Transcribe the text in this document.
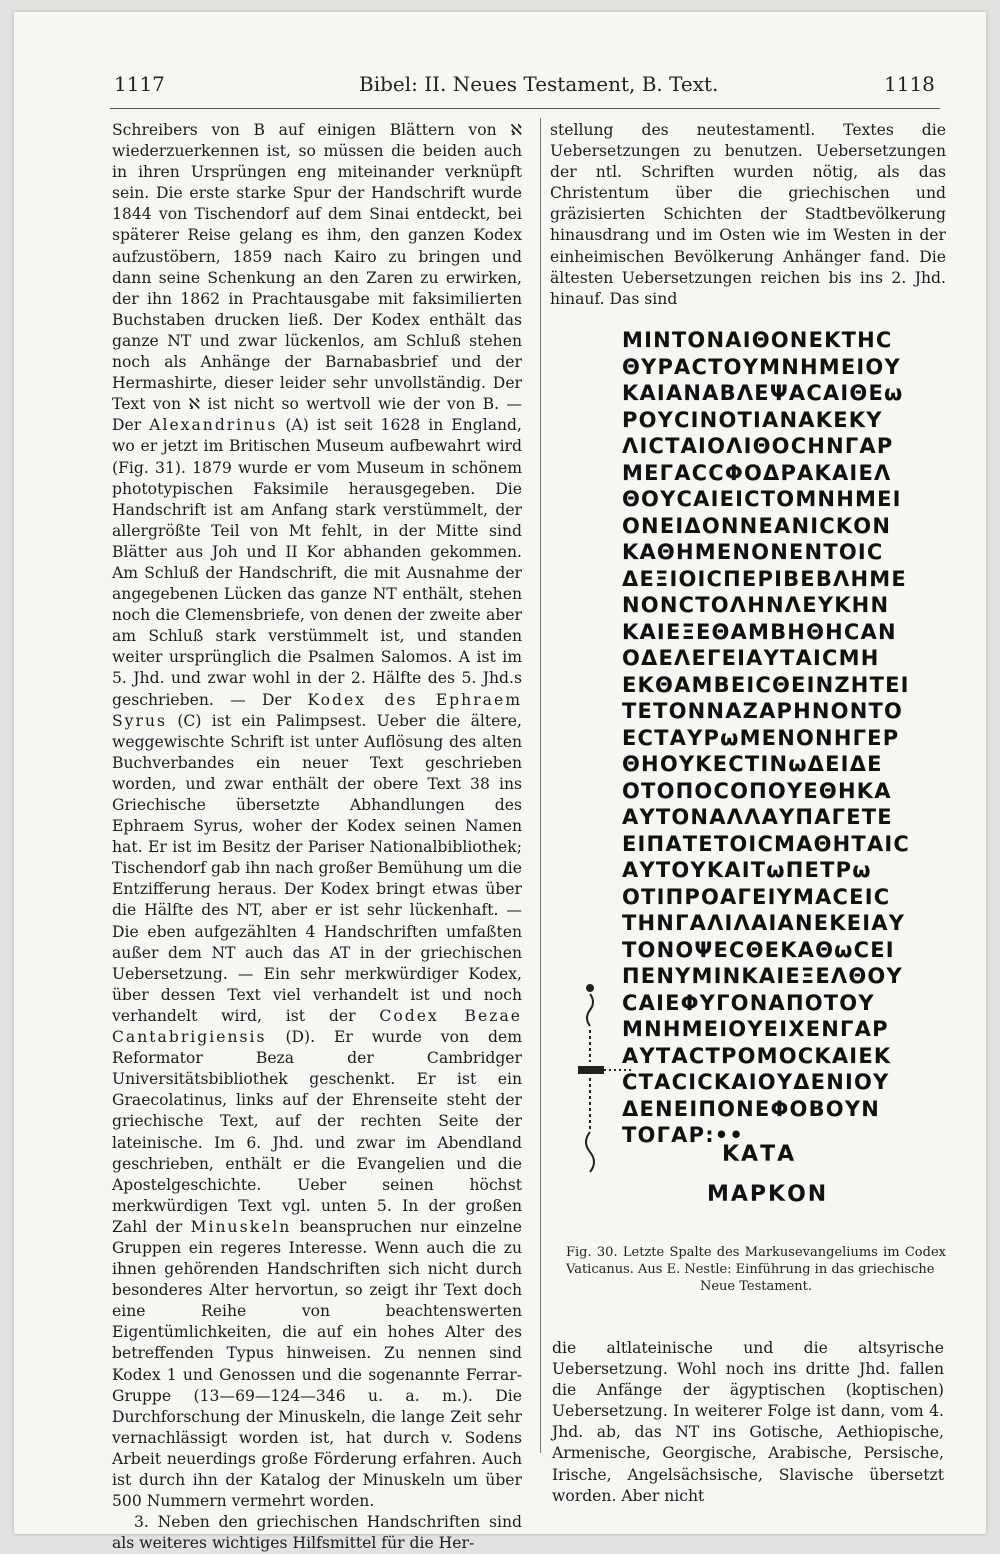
1117	Bibel: II. Neues Testament, B. Text.	1118

Schreibers von B auf einigen Blättern von ℵ wiederzuerkennen ist, so müssen die beiden auch in ihren Ursprüngen eng miteinander verknüpft sein. Die erste starke Spur der Handschrift wurde 1844 von Tischendorf auf dem Sinai entdeckt, bei späterer Reise gelang es ihm, den ganzen Kodex aufzustöbern, 1859 nach Kairo zu bringen und dann seine Schenkung an den Zaren zu erwirken, der ihn 1862 in Prachtausgabe mit faksimilierten Buchstaben drucken ließ. Der Kodex enthält das ganze NT und zwar lückenlos, am Schluß stehen noch als Anhänge der Barnabasbrief und der Hermashirte, dieser leider sehr unvollständig. Der Text von ℵ ist nicht so wertvoll wie der von B. — Der

Alexandrinus (A) ist seit 1628 in England, wo er jetzt im Britischen Museum aufbewahrt wird (Fig. 31). 1879 wurde er vom Museum in schönem phototypischen Faksimile herausgegeben. Die Handschrift ist am Anfang stark verstümmelt, der allergrößte Teil von Mt fehlt, in der Mitte sind Blätter aus Joh und II Kor abhanden gekommen. Am Schluß der Handschrift, die mit Ausnahme der angegebenen Lücken das ganze NT enthält, stehen noch die Clemensbriefe, von denen der zweite aber am Schluß stark verstümmelt ist, und standen weiter ursprünglich die Psalmen Salomos. A ist im 5. Jhd. und zwar wohl in der 2. Hälfte des 5. Jhd.s geschrieben. — Der

Kodex des Ephraem Syrus (C) ist ein Palimpsest. Ueber die ältere, weggewischte Schrift ist unter Auflösung des alten Buchverbandes ein neuer Text geschrieben worden, und zwar enthält der obere Text 38 ins Griechische übersetzte Abhandlungen des Ephraem Syrus, woher der Kodex seinen Namen hat. Er ist im Besitz der Pariser Nationalbibliothek; Tischendorf gab ihn nach großer Bemühung um die Entzifferung heraus. Der Kodex bringt etwas über die Hälfte des NT, aber er ist sehr lückenhaft. — Die eben aufgezählten 4 Handschriften umfaßten außer dem NT auch das AT in der griechischen Uebersetzung. — Ein sehr merkwürdiger Kodex, über dessen Text viel verhandelt ist und noch verhandelt wird, ist der

Codex Bezae Cantabrigiensis (D). Er wurde von dem Reformator Beza der Cambridger Universitätsbibliothek geschenkt. Er ist ein Graecolatinus, links auf der Ehrenseite steht der griechische Text, auf der rechten Seite der lateinische. Im 6. Jhd. und zwar im Abendland geschrieben, enthält er die Evangelien und die Apostelgeschichte. Ueber seinen höchst merkwürdigen Text vgl. unten 5. In der großen Zahl der

Minuskeln beanspruchen nur einzelne Gruppen ein regeres Interesse. Wenn auch die zu ihnen gehörenden Handschriften sich nicht durch besonderes Alter hervortun, so zeigt ihr Text doch eine Reihe von beachtenswerten Eigentümlichkeiten, die auf ein hohes Alter des betreffenden Typus hinweisen. Zu nennen sind Kodex 1 und Genossen und die sogenannte Ferrar-Gruppe (13—69—124—346 u. a. m.). Die Durchforschung der Minuskeln, die lange Zeit sehr vernachlässigt worden ist, hat durch v. Sodens Arbeit neuerdings große Förderung erfahren. Auch ist durch ihn der Katalog der Minuskeln um über 500 Nummern vermehrt worden.

3. Neben den griechischen Handschriften sind als weiteres wichtiges Hilfsmittel für die Her-

stellung des neutestamentl. Textes die Uebersetzungen zu benutzen. Uebersetzungen der ntl. Schriften wurden nötig, als das Christentum über die griechischen und gräzisierten Schichten der Stadtbevölkerung hinausdrang und im Osten wie im Westen in der einheimischen Bevölkerung Anhänger fand. Die ältesten Uebersetzungen reichen bis ins 2. Jhd. hinauf. Das sind

ΜΙΝΤΟΝΑΙΘΟΝΕΚΤΗϹ
ΘΥΡΑϹΤΟΥΜΝΗΜΕΙΟΥ
ΚΑΙΑΝΑΒΛΕΨΑϹΑΙΘΕω
ΡΟΥϹΙΝΟΤΙΑΝΑΚΕΚΥ
ΛΙϹΤΑΙΟΛΙΘΟϹΗΝΓΑΡ
ΜΕΓΑϹϹΦΟΔΡΑΚΑΙΕΛ
ΘΟΥϹΑΙΕΙϹΤΟΜΝΗΜΕΙ
ΟΝΕΙΔΟΝΝΕΑΝΙϹΚΟΝ
ΚΑΘΗΜΕΝΟΝΕΝΤΟΙϹ
ΔΕΞΙΟΙϹΠΕΡΙΒΕΒΛΗΜΕ
ΝΟΝϹΤΟΛΗΝΛΕΥΚΗΝ
ΚΑΙΕΞΕΘΑΜΒΗΘΗϹΑΝ
ΟΔΕΛΕΓΕΙΑΥΤΑΙϹΜΗ
ΕΚΘΑΜΒΕΙϹΘΕΙΝΖΗΤΕΙ
ΤΕΤΟΝΝΑΖΑΡΗΝΟΝΤΟ
ΕϹΤΑΥΡωΜΕΝΟΝΗΓΕΡ
ΘΗΟΥΚΕϹΤΙΝωΔΕΙΔΕ
ΟΤΟΠΟϹΟΠΟΥΕΘΗΚΑ
ΑΥΤΟΝΑΛΛΑΥΠΑΓΕΤΕ
ΕΙΠΑΤΕΤΟΙϹΜΑΘΗΤΑΙϹ
ΑΥΤΟΥΚΑΙΤωΠΕΤΡω
ΟΤΙΠΡΟΑΓΕΙΥΜΑϹΕΙϹ
ΤΗΝΓΑΛΙΛΑΙΑΝΕΚΕΙΑΥ
ΤΟΝΟΨΕϹΘΕΚΑΘωϹΕΙ
ΠΕΝΥΜΙΝΚΑΙΕΞΕΛΘΟΥ
ϹΑΙΕΦΥΓΟΝΑΠΟΤΟΥ
ΜΝΗΜΕΙΟΥΕΙΧΕΝΓΑΡ
ΑΥΤΑϹΤΡΟΜΟϹΚΑΙΕΚ
ϹΤΑϹΙϹΚΑΙΟΥΔΕΝΙΟΥ
ΔΕΝΕΙΠΟΝΕΦΟΒΟΥΝ
ΤΟΓΑΡ:••
ΚΑΤΑ
ΜΑΡΚΟΝ
Fig. 30. Letzte Spalte des Markusevangeliums im Codex Vaticanus. Aus E. Nestle: Einführung in das griechische
Neue Testament.

die altlateinische und die altsyrische Uebersetzung. Wohl noch ins dritte Jhd. fallen die Anfänge der ägyptischen (koptischen) Uebersetzung. In weiterer Folge ist dann, vom 4. Jhd. ab, das NT ins Gotische, Aethiopische, Armenische, Georgische, Arabische, Persische, Irische, Angelsächsische, Slavische übersetzt worden. Aber nicht
